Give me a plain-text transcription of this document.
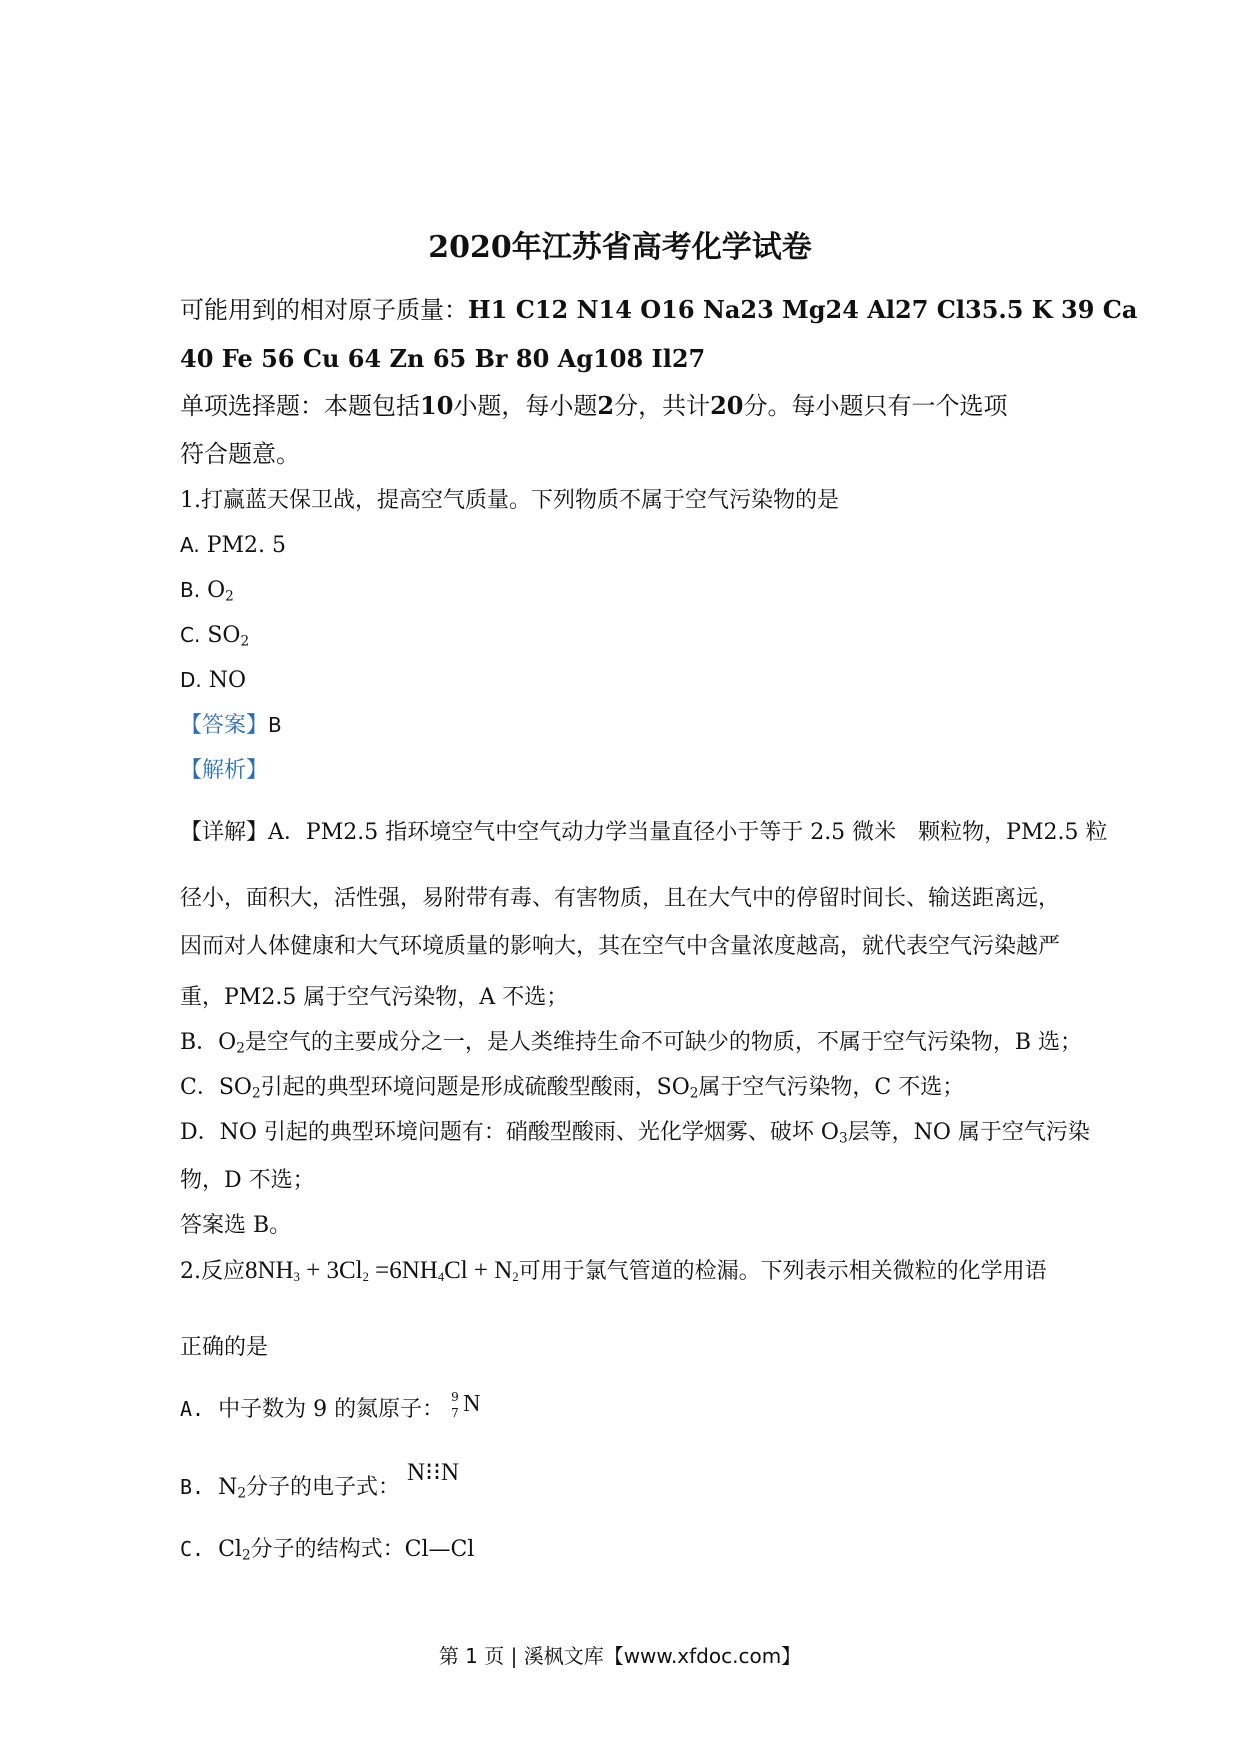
2020年江苏省高考化学试卷
可能用到的相对原子质量：H1 C12 N14 O16 Na23 Mg24 Al27 Cl35.5 K 39 Ca
40 Fe 56 Cu 64 Zn 65 Br 80 Ag108 Il27
单项选择题：本题包括10小题，每小题2分，共计20分。每小题只有一个选项
符合题意。
1.打赢蓝天保卫战，提高空气质量。下列物质不属于空气污染物的是
A. PM2. 5
B. $O_2$
C. $SO_2$
D. NO
【答案】B
【解析】
【详解】A．PM2.5 指环境空气中空气动力学当量直径小于等于 2.5 微米　颗粒物，PM2.5 粒
径小，面积大，活性强，易附带有毒、有害物质，且在大气中的停留时间长、输送距离远，
因而对人体健康和大气环境质量的影响大，其在空气中含量浓度越高，就代表空气污染越严
重，PM2.5 属于空气污染物，A 不选；
B．$O_2$是空气的主要成分之一，是人类维持生命不可缺少的物质，不属于空气污染物，B 选；
C．$SO_2$引起的典型环境问题是形成硫酸型酸雨，$SO_2$属于空气污染物，C 不选；
D．NO 引起的典型环境问题有：硝酸型酸雨、光化学烟雾、破坏 $O_3$层等，NO 属于空气污染
物，D 不选；
答案选 B。
2.反应$8NH_3 + 3Cl_2 =6NH_4Cl + N_2$可用于氯气管道的检漏。下列表示相关微粒的化学用语
正确的是
A. 中子数为 9 的氮原子： 9
7 N
B. $N_2$分子的电子式： N⁝⁝N
C. $Cl_2$分子的结构式：Cl—Cl
第 1 页 | 溪枫文库【www.xfdoc.com】
